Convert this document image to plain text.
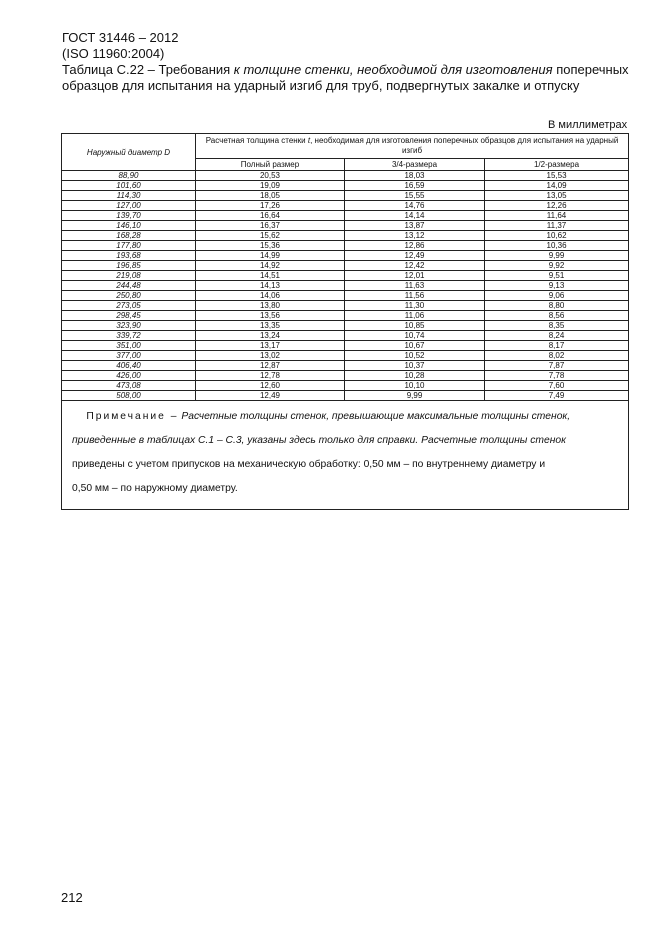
ГОСТ 31446 – 2012
(ISO 11960:2004)
Таблица С.22 – Требования к толщине стенки, необходимой для изготовления поперечных образцов для испытания на ударный изгиб для труб, подвергнутых закалке и отпуску
В миллиметрах
Наружный диаметр D	Расчетная толщина стенки t, необходимая для изготовления поперечных образцов для испытания на ударный изгиб		
	Полный размер	3/4-размера	1/2-размера
88,90	20,53	18,03	15,53
101,60	19,09	16,59	14,09
114,30	18,05	15,55	13,05
127,00	17,26	14,76	12,26
139,70	16,64	14,14	11,64
146,10	16,37	13,87	11,37
168,28	15,62	13,12	10,62
177,80	15,36	12,86	10,36
193,68	14,99	12,49	9,99
196,85	14,92	12,42	9,92
219,08	14,51	12,01	9,51
244,48	14,13	11,63	9,13
250,80	14,06	11,56	9,06
273,05	13,80	11,30	8,80
298,45	13,56	11,06	8,56
323,90	13,35	10,85	8,35
339,72	13,24	10,74	8,24
351,00	13,17	10,67	8,17
377,00	13,02	10,52	8,02
406,40	12,87	10,37	7,87
426,00	12,78	10,28	7,78
473,08	12,60	10,10	7,60
508,00	12,49	9,99	7,49

Примечание – Расчетные толщины стенок, превышающие максимальные толщины стенок,
приведенные в таблицах С.1 – С.3, указаны здесь только для справки. Расчетные толщины стенок
приведены с учетом припусков на механическую обработку: 0,50 мм – по внутреннему диаметру и
0,50 мм – по наружному диаметру.			
212
